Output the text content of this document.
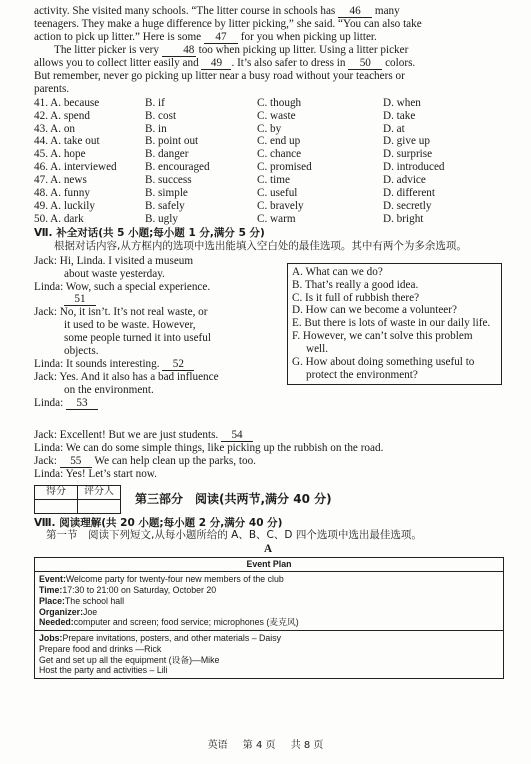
activity. She visited many schools. “The litter course in schools has 46 many

teenagers. They make a huge difference by litter picking,” she said. “You can also take

action to pick up litter.” Here is some 47 for you when picking up litter.

The litter picker is very 48 too when picking up litter. Using a litter picker

allows you to collect litter easily and 49 . It’s also safer to dress in 50 colors.

But remember, never go picking up litter near a busy road without your teachers or

parents.

41. A. because	B. if	C. though	D. when
42. A. spend	B. cost	C. waste	D. take
43. A. on	B. in	C. by	D. at
44. A. take out	B. point out	C. end up	D. give up
45. A. hope	B. danger	C. chance	D. surprise
46. A. interviewed	B. encouraged	C. promised	D. introduced
47. A. news	B. success	C. time	D. advice
48. A. funny	B. simple	C. useful	D. different
49. A. luckily	B. safely	C. bravely	D. secretly
50. A. dark	B. ugly	C. warm	D. bright
Ⅶ. 补全对话(共 5 小题;每小题 1 分,满分 5 分)
根据对话内容,从方框内的选项中选出能填入空白处的最佳选项。其中有两个为多余选项。

Jack: Hi, Linda. I visited a museum

about waste yesterday.

Linda: Wow, such a special experience.

51

Jack: No, it isn’t. It’s not real waste, or

it used to be waste. However,

some people turned it into useful

objects.

Linda: It sounds interesting. 52

Jack: Yes. And it also has a bad influence

on the environment.

Linda: 53

A. What can we do?
B. That’s really a good idea.
C. Is it full of rubbish there?
D. How can we become a volunteer?
E. But there is lots of waste in our daily life.
F. However, we can’t solve this problem well.
G. How about doing something useful to protect the environment?

Jack: Excellent! But we are just students. 54

Linda: We can do some simple things, like picking up the rubbish on the road.

Jack: 55 We can help clean up the parks, too.

Linda: Yes! Let’s start now.

得分	评分人

第三部分　阅读(共两节,满分 40 分)
Ⅷ. 阅读理解(共 20 小题;每小题 2 分,满分 40 分)
第一节　阅读下列短文,从每小题所给的 A、B、C、D 四个选项中选出最佳选项。
A
Event Plan
Event:Welcome party for twenty-four new members of the club
Time:17:30 to 21:00 on Saturday, October 20
Place:The school hall
Organizer:Joe
Needed:computer and screen; food service; microphones (麦克风)
Jobs:Prepare invitations, posters, and other materials – Daisy
Prepare food and drinks —Rick
Get and set up all the equipment (设备)—Mike
Host the party and activities – Lili
英语 第 4 页 共 8 页
